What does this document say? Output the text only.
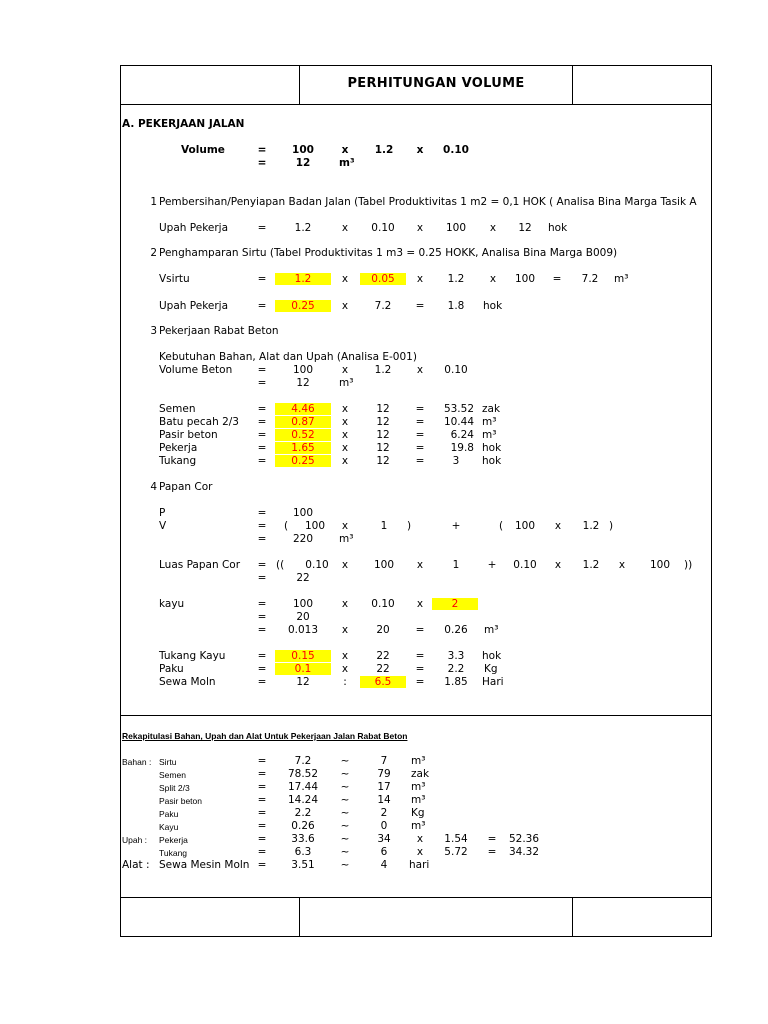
PERHITUNGAN VOLUME
A. PEKERJAAN JALAN
Volume	=	100	x	1.2	x	0.10
=	12	m³
1 Pembersihan/Penyiapan Badan Jalan (Tabel Produktivitas 1 m2 = 0,1 HOK ( Analisa Bina Marga Tasik A
Upah Pekerja	=	1.2	x	0.10	x	100	x	12	hok
2 Penghamparan Sirtu (Tabel Produktivitas 1 m3 = 0.25 HOKK, Analisa Bina Marga B009)
Vsirtu	=	1.2	x	0.05	x	1.2	x	100	=	7.2	m³
Upah Pekerja	=	0.25	x	7.2	=	1.8	hok
3 Pekerjaan Rabat Beton
Kebutuhan Bahan, Alat dan Upah (Analisa E-001)
Volume Beton	=	100	x	1.2	x	0.10
=	12	m³
Semen	=	4.46	x	12	=	53.52 zak
Batu pecah 2/3	=	0.87	x	12	=	10.44 m³
Pasir beton	=	0.52	x	12	=	6.24 m³
Pekerja	=	1.65	x	12	=	19.8 hok
Tukang	=	0.25	x	12	=	3	hok
4 Papan Cor
P	=	100
V	=	(	100	x	1	)	+	(	100	x	1.2 )
=	220	m³
Luas Papan Cor	= ((	0.10	x	100	x	1	+	0.10	x	1.2	x	100	))
=	22
kayu	=	100	x	0.10	x	2
=	20
=	0.013	x	20	=	0.26	m³
Tukang Kayu	=	0.15	x	22	=	3.3	hok
Paku	=	0.1	x	22	=	2.2	Kg
Sewa Moln	=	12	:	6.5	=	1.85	Hari
Rekapitulasi Bahan, Upah dan Alat Untuk Pekerjaan Jalan Rabat Beton
Bahan : Sirtu	=	7.2	~	7	m³
Semen	=	78.52	~	79	zak
Split 2/3	=	17.44	~	17	m³
Pasir beton	=	14.24	~	14	m³
Paku	=	2.2	~	2	Kg
Kayu	=	0.26	~	0	m³
Upah : Pekerja	=	33.6	~	34	x	1.54	=	52.36
Tukang	=	6.3	~	6	x	5.72	=	34.32
Alat : Sewa Mesin Moln =	3.51	~	4	hari
